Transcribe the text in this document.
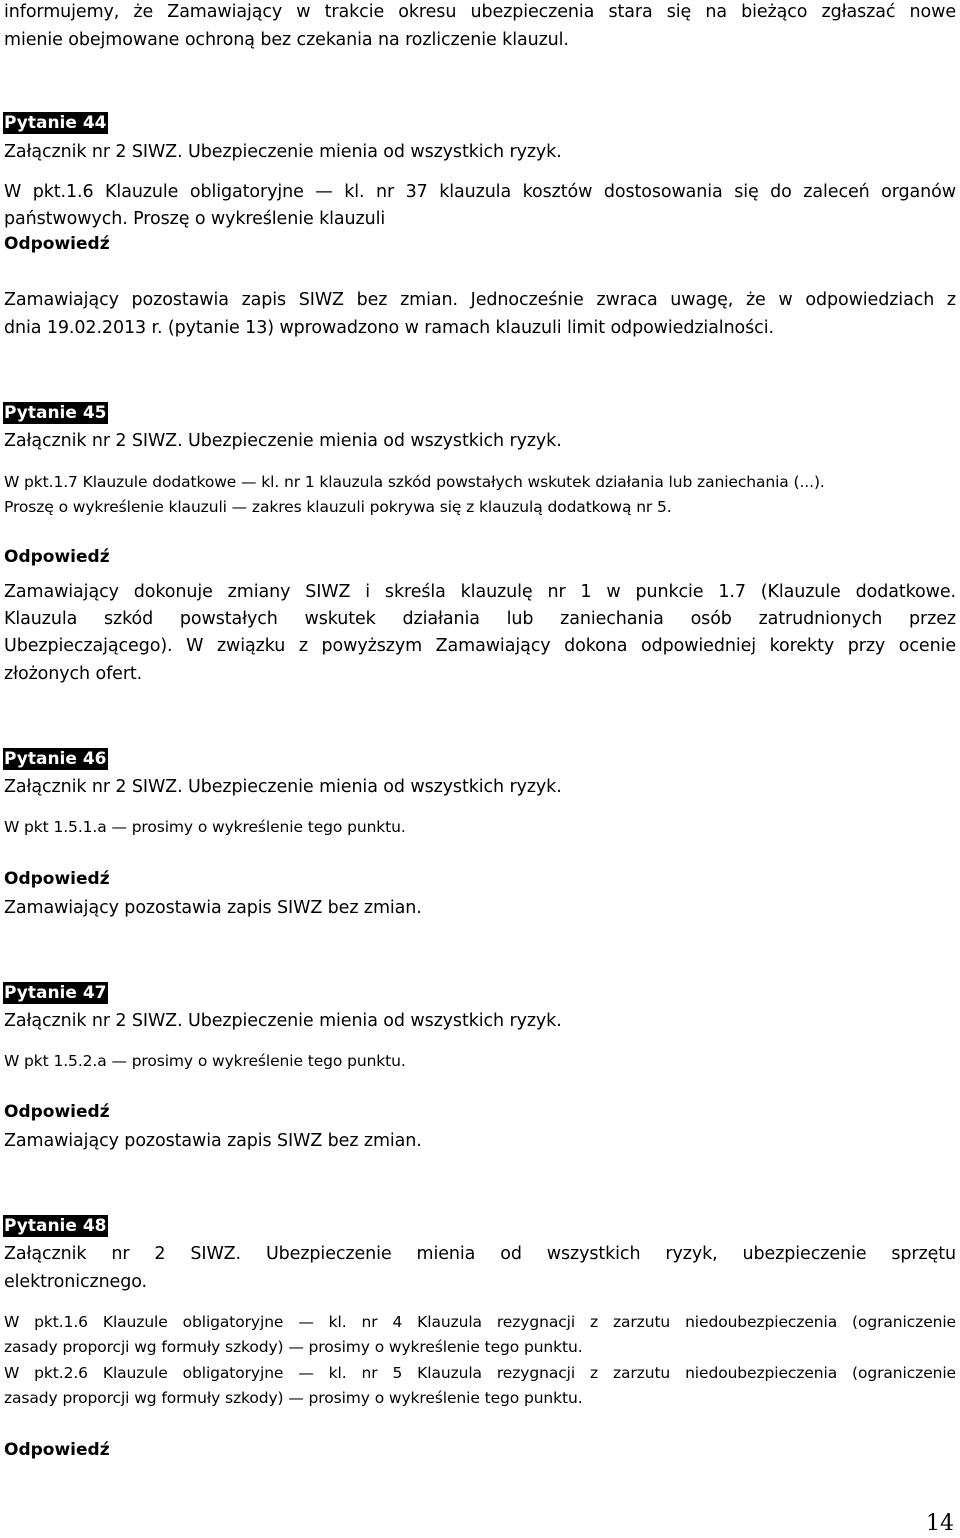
informujemy, że Zamawiający w trakcie okresu ubezpieczenia stara się na bieżąco zgłaszać nowe
mienie obejmowane ochroną bez czekania na rozliczenie klauzul.
Pytanie 44
Załącznik nr 2 SIWZ. Ubezpieczenie mienia od wszystkich ryzyk.
W pkt.1.6 Klauzule obligatoryjne — kl. nr 37 klauzula kosztów dostosowania się do zaleceń organów
państwowych. Proszę o wykreślenie klauzuli
Odpowiedź
Zamawiający pozostawia zapis SIWZ bez zmian. Jednocześnie zwraca uwagę, że w odpowiedziach z
dnia 19.02.2013 r. (pytanie 13) wprowadzono w ramach klauzuli limit odpowiedzialności.
Pytanie 45
Załącznik nr 2 SIWZ. Ubezpieczenie mienia od wszystkich ryzyk.
W pkt.1.7 Klauzule dodatkowe — kl. nr 1 klauzula szkód powstałych wskutek działania lub zaniechania (...).
Proszę o wykreślenie klauzuli — zakres klauzuli pokrywa się z klauzulą dodatkową nr 5.
Odpowiedź
Zamawiający dokonuje zmiany SIWZ i skreśla klauzulę nr 1 w punkcie 1.7 (Klauzule dodatkowe.
Klauzula szkód powstałych wskutek działania lub zaniechania osób zatrudnionych przez
Ubezpieczającego). W związku z powyższym Zamawiający dokona odpowiedniej korekty przy ocenie
złożonych ofert.
Pytanie 46
Załącznik nr 2 SIWZ. Ubezpieczenie mienia od wszystkich ryzyk.
W pkt 1.5.1.a — prosimy o wykreślenie tego punktu.
Odpowiedź
Zamawiający pozostawia zapis SIWZ bez zmian.
Pytanie 47
Załącznik nr 2 SIWZ. Ubezpieczenie mienia od wszystkich ryzyk.
W pkt 1.5.2.a — prosimy o wykreślenie tego punktu.
Odpowiedź
Zamawiający pozostawia zapis SIWZ bez zmian.
Pytanie 48
Załącznik nr 2 SIWZ. Ubezpieczenie mienia od wszystkich ryzyk, ubezpieczenie sprzętu
elektronicznego.
W pkt.1.6 Klauzule obligatoryjne — kl. nr 4 Klauzula rezygnacji z zarzutu niedoubezpieczenia (ograniczenie
zasady proporcji wg formuły szkody) — prosimy o wykreślenie tego punktu.
W pkt.2.6 Klauzule obligatoryjne — kl. nr 5 Klauzula rezygnacji z zarzutu niedoubezpieczenia (ograniczenie
zasady proporcji wg formuły szkody) — prosimy o wykreślenie tego punktu.
Odpowiedź
14
